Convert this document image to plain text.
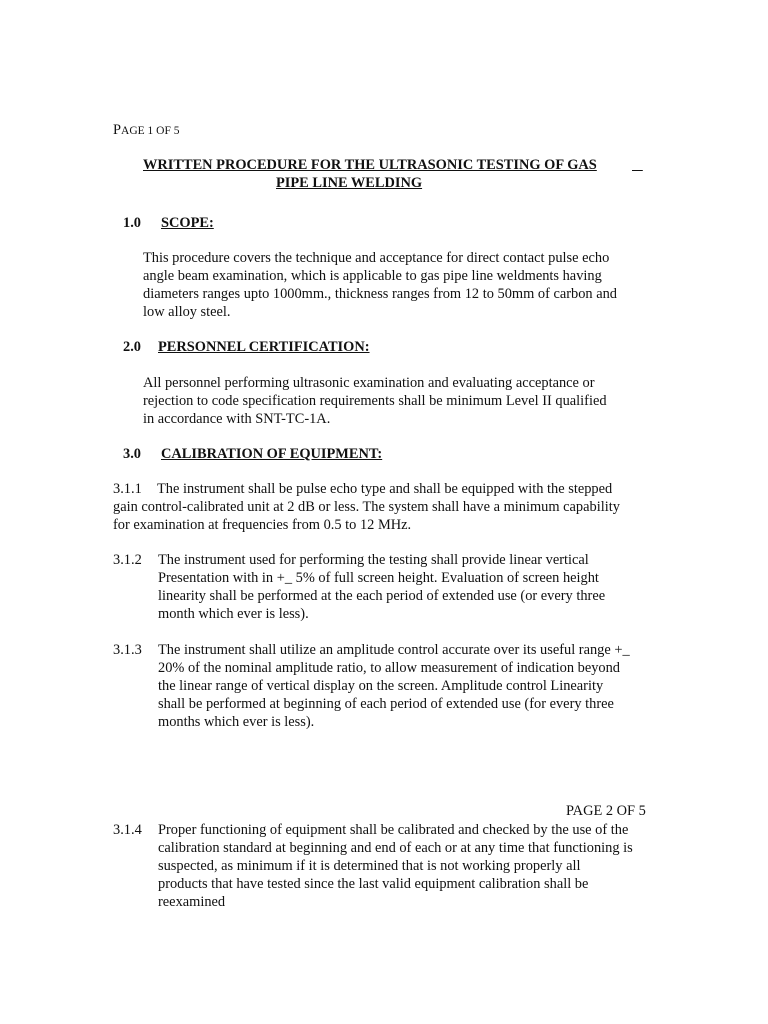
PAGE 1 OF 5
WRITTEN PROCEDURE FOR THE ULTRASONIC TESTING OF GAS

PIPE LINE WELDING
1.0 SCOPE:
This procedure covers the technique and acceptance for direct contact pulse echo
angle beam examination, which is applicable to gas pipe line weldments having
diameters ranges upto 1000mm., thickness ranges from 12 to 50mm of carbon and
low alloy steel.
2.0 PERSONNEL CERTIFICATION:
All personnel performing ultrasonic examination and evaluating acceptance or
rejection to code specification requirements shall be minimum Level II qualified
in accordance with SNT-TC-1A.
3.0 CALIBRATION OF EQUIPMENT:
3.1.1 The instrument shall be pulse echo type and shall be equipped with the stepped
gain control-calibrated unit at 2 dB or less. The system shall have a minimum capability
for examination at frequencies from 0.5 to 12 MHz.
3.1.2 The instrument used for performing the testing shall provide linear vertical
Presentation with in +_ 5% of full screen height. Evaluation of screen height
linearity shall be performed at the each period of extended use (or every three
month which ever is less).
3.1.3 The instrument shall utilize an amplitude control accurate over its useful range +_
20% of the nominal amplitude ratio, to allow measurement of indication beyond
the linear range of vertical display on the screen. Amplitude control Linearity
shall be performed at beginning of each period of extended use (for every three
months which ever is less).
PAGE 2 OF 5
3.1.4 Proper functioning of equipment shall be calibrated and checked by the use of the
calibration standard at beginning and end of each or at any time that functioning is
suspected, as minimum if it is determined that is not working properly all
products that have tested since the last valid equipment calibration shall be
reexamined
